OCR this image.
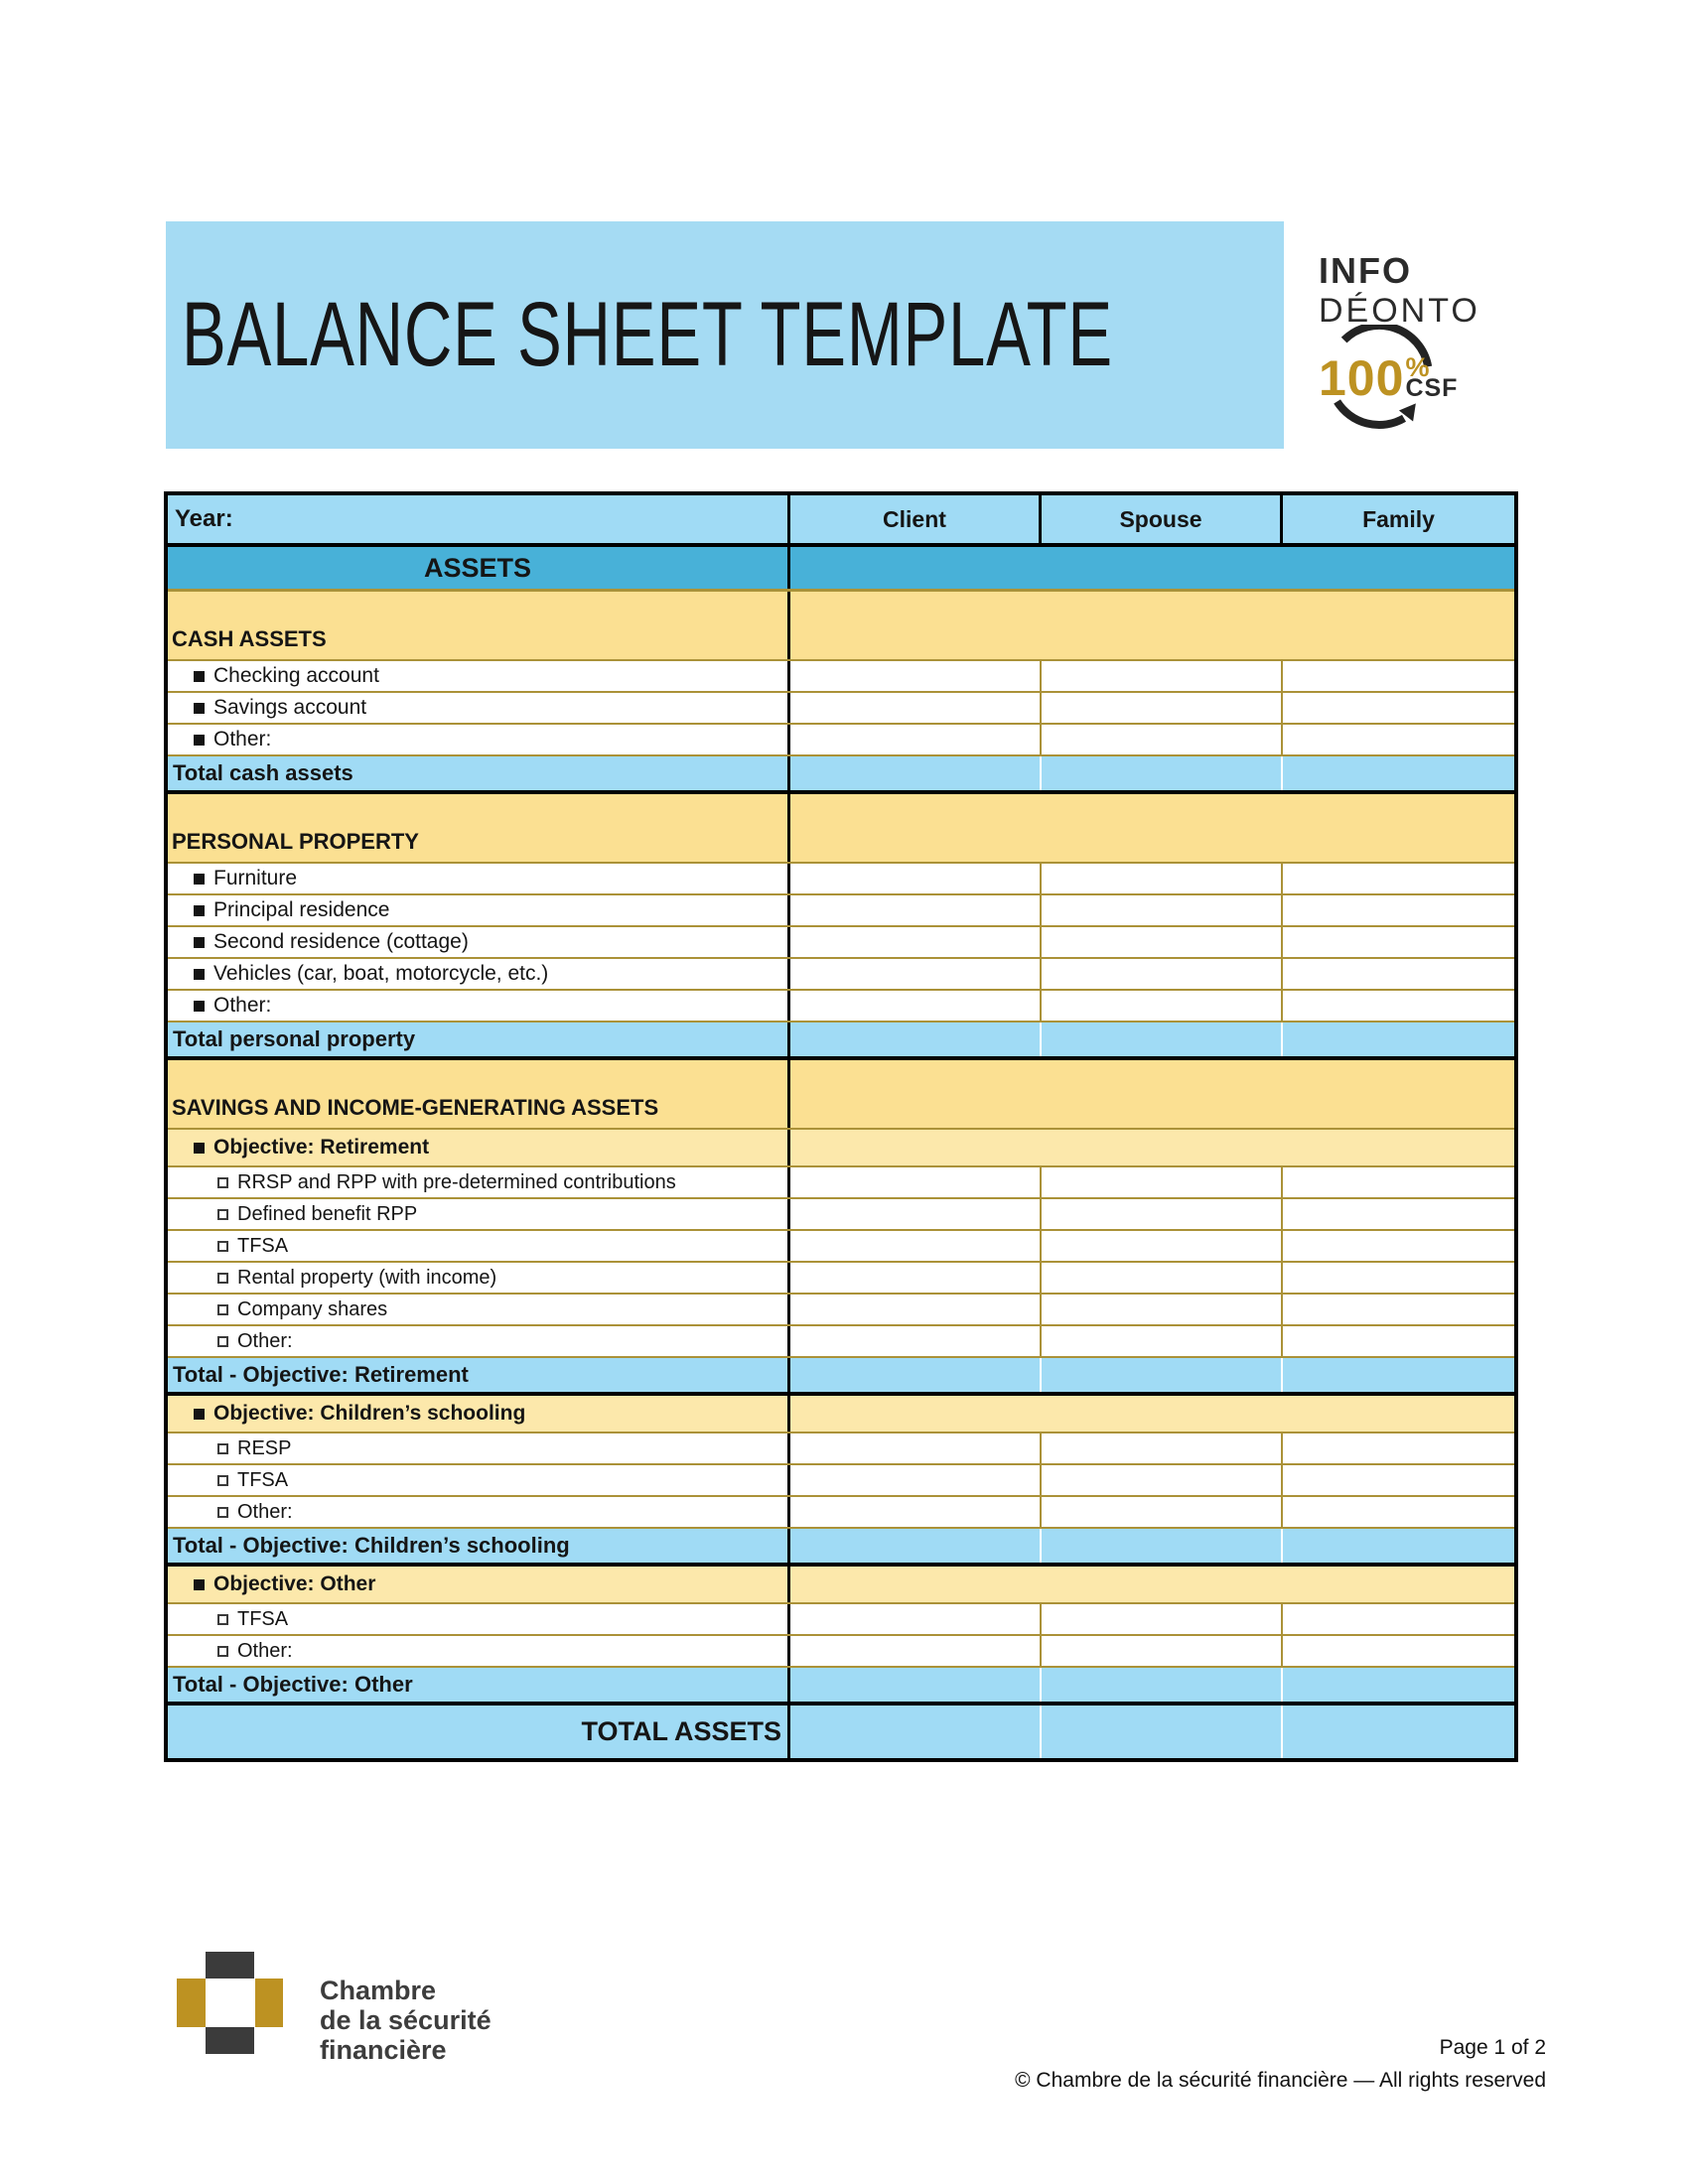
BALANCE SHEET TEMPLATE
INFO
DÉONTO
100 %
CSF
Year:	Client	Spouse	Family
ASSETS
CASH ASSETS
Checking account
Savings account
Other:
Total cash assets
PERSONAL PROPERTY
Furniture
Principal residence
Second residence (cottage)
Vehicles (car, boat, motorcycle, etc.)
Other:
Total personal property
SAVINGS AND INCOME-GENERATING ASSETS
Objective: Retirement
RRSP and RPP with pre-determined contributions
Defined benefit RPP
TFSA
Rental property (with income)
Company shares
Other:
Total - Objective: Retirement
Objective: Children’s schooling
RESP
TFSA
Other:
Total - Objective: Children’s schooling
Objective: Other
TFSA
Other:
Total - Objective: Other
TOTAL ASSETS
Chambre
de la sécurité
financière	Page 1 of 2
© Chambre de la sécurité financière — All rights reserved
